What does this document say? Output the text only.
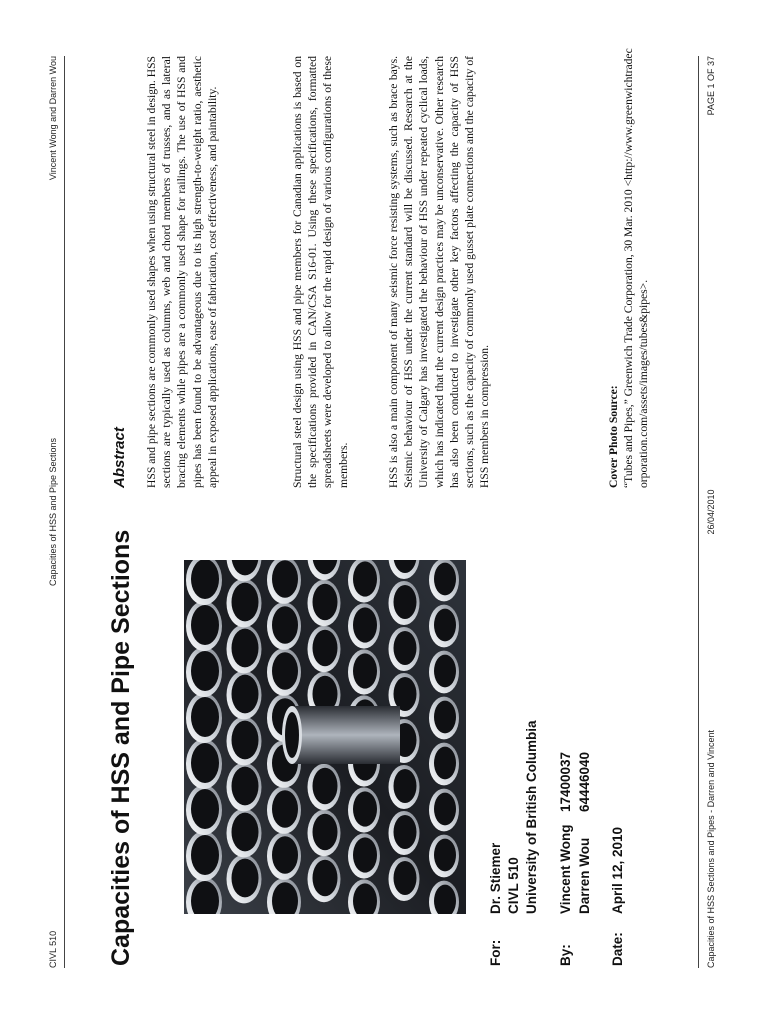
CIVL 510
Capacities of HSS and Pipe Sections
Vincent Wong and Darren Wou
Capacities of HSS and Pipe Sections	For:
Dr. Stiemer CIVL 510 University of British Columbia
By:
Vincent Wong
17400037
Darren Wou
64446040
Date:
April 12, 2010
Abstract HSS and pipe sections are commonly used shapes when using structural steel in design. HSS sections are typically used as columns, web and chord members of trusses, and as lateral bracing elements while pipes are a commonly used shape for railings. The use of HSS and pipes has been found to be advantageous due to its high strength-to-weight ratio, aesthetic appeal in exposed applications, ease of fabrication, cost effectiveness, and paintability.	Structural steel design using HSS and pipe members for Canadian applications is based on the specifications provided in CAN/CSA S16-01. Using these specifications, formatted spreadsheets were developed to allow for the rapid design of various configurations of these members.	HSS is also a main component of many seismic force resisting systems, such as brace bays. Seismic behaviour of HSS under the current standard will be discussed. Research at the University of Calgary has investigated the behaviour of HSS under repeated cyclical loads, which has indicated that the current design practices may be unconservative. Other research has also been conducted to investigate other key factors affecting the capacity of HSS sections, such as the capacity of commonly used gusset plate connections and the capacity of HSS members in compression.	Cover Photo Source: “Tubes and Pipes,” Greenwich Trade Corporation, 30 Mar. 2010 <http://www.greenwichtradecorporation.com/assets/images/tubes&pipes>.

Capacities of HSS Sections and Pipes - Darren and Vincent
26/04/2010
PAGE 1 OF 37
